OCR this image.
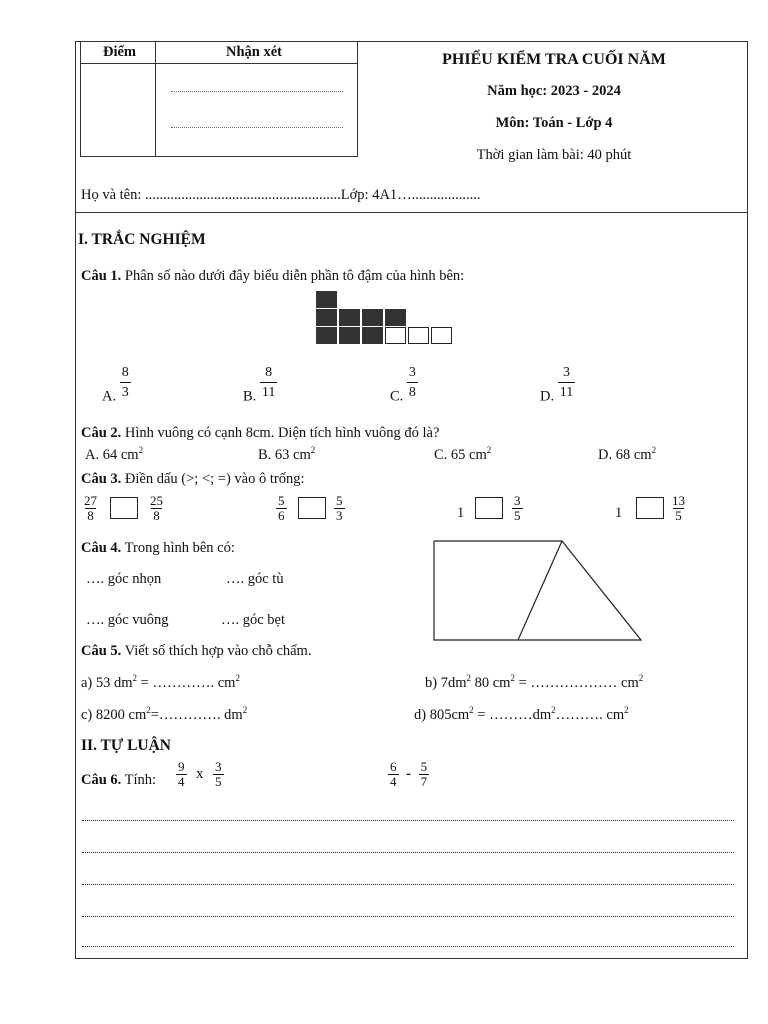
Điểm	Nhận xét	PHIẾU KIỂM TRA CUỐI NĂM
Năm học: 2023 - 2024
Môn: Toán - Lớp 4
Thời gian làm bài: 40 phút
Họ và tên: ......................................................Lớp: 4A1…...................
I. TRẮC NGHIỆM
Câu 1. Phân số nào dưới đây biểu diễn phần tô đậm của hình bên:
A. $\frac{8}{3}$	B. $\frac{8}{11}$	C. $\frac{3}{8}$	D. $\frac{3}{11}$
Câu 2. Hình vuông có cạnh 8cm. Diện tích hình vuông đó là?
A. 64 $cm^2$	B. 63 $cm^2$	C. 65 $cm^2$	D. 68 $cm^2$
Câu 3. Điền dấu (>; <; =) vào ô trống:
$\frac{27}{8}$	$\frac{25}{8}$	$\frac{5}{6}$	$\frac{5}{3}$	1	$\frac{3}{5}$	1	$\frac{13}{5}$
Câu 4. Trong hình bên có:
…. góc nhọn	…. góc tù
…. góc vuông	…. góc bẹt
Câu 5. Viết số thích hợp vào chỗ chấm.
a) 53 $dm^2$ = …………. $cm^2$	b) $7dm^2$ 80 $cm^2$ = ……………… $cm^2$
c) 8200 $cm^2=\dots\dots\dots\dots$. $dm^2$	d) $805cm^2$ = $\dots\dots\dots dm^2\dots\dots\dots$. $cm^2$
II. TỰ LUẬN
Câu 6. Tính: $\frac{9}{4}$ x $\frac{3}{5}$	$\frac{6}{4} - \frac{5}{7}$
